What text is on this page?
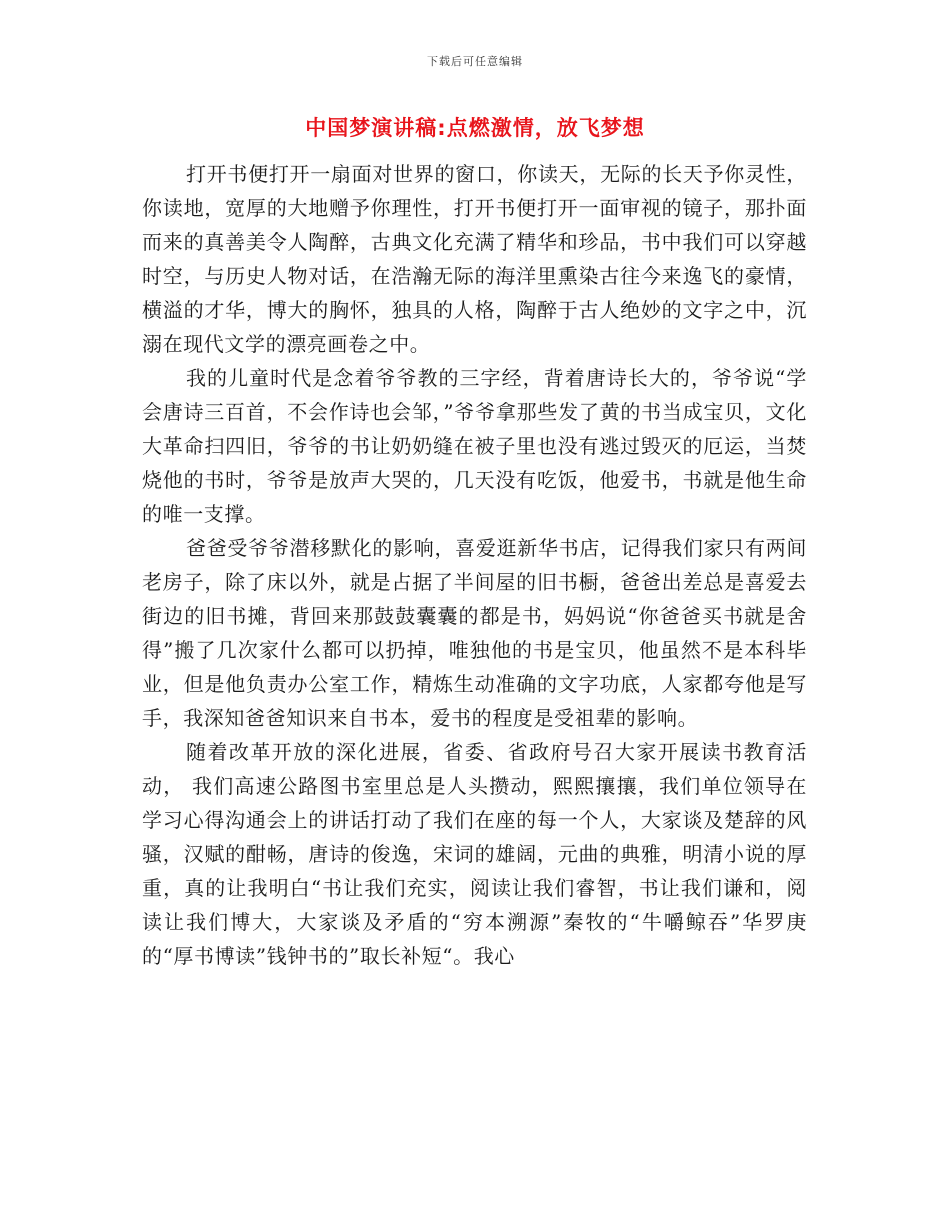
下载后可任意编辑
中国梦演讲稿:点燃激情，放飞梦想

打开书便打开一扇面对世界的窗口，你读天，无际的长天予你灵性，你读地，宽厚的大地赠予你理性，打开书便打开一面审视的镜子，那扑面而来的真善美令人陶醉，古典文化充满了精华和珍品，书中我们可以穿越时空，与历史人物对话，在浩瀚无际的海洋里熏染古往今来逸飞的豪情，横溢的才华，博大的胸怀，独具的人格，陶醉于古人绝妙的文字之中，沉溺在现代文学的漂亮画卷之中。

我的儿童时代是念着爷爷教的三字经，背着唐诗长大的，爷爷说“学会唐诗三百首，不会作诗也会邹，”爷爷拿那些发了黄的书当成宝贝，文化大革命扫四旧，爷爷的书让奶奶缝在被子里也没有逃过毁灭的厄运，当焚烧他的书时，爷爷是放声大哭的，几天没有吃饭，他爱书，书就是他生命的唯一支撑。

爸爸受爷爷潜移默化的影响，喜爱逛新华书店，记得我们家只有两间老房子，除了床以外，就是占据了半间屋的旧书橱，爸爸出差总是喜爱去街边的旧书摊，背回来那鼓鼓囊囊的都是书，妈妈说“你爸爸买书就是舍得”搬了几次家什么都可以扔掉，唯独他的书是宝贝，他虽然不是本科毕业，但是他负责办公室工作，精炼生动准确的文字功底，人家都夸他是写手，我深知爸爸知识来自书本，爱书的程度是受祖辈的影响。

随着改革开放的深化进展，省委、省政府号召大家开展读书教育活动， 我们高速公路图书室里总是人头攒动，熙熙攘攘，我们单位领导在学习心得沟通会上的讲话打动了我们在座的每一个人，大家谈及楚辞的风骚，汉赋的酣畅，唐诗的俊逸，宋词的雄阔，元曲的典雅，明清小说的厚重，真的让我明白“书让我们充实，阅读让我们睿智，书让我们谦和，阅读让我们博大，大家谈及矛盾的“穷本溯源”秦牧的“牛嚼鲸吞”华罗庚的“厚书博读”钱钟书的”取长补短“。我心
